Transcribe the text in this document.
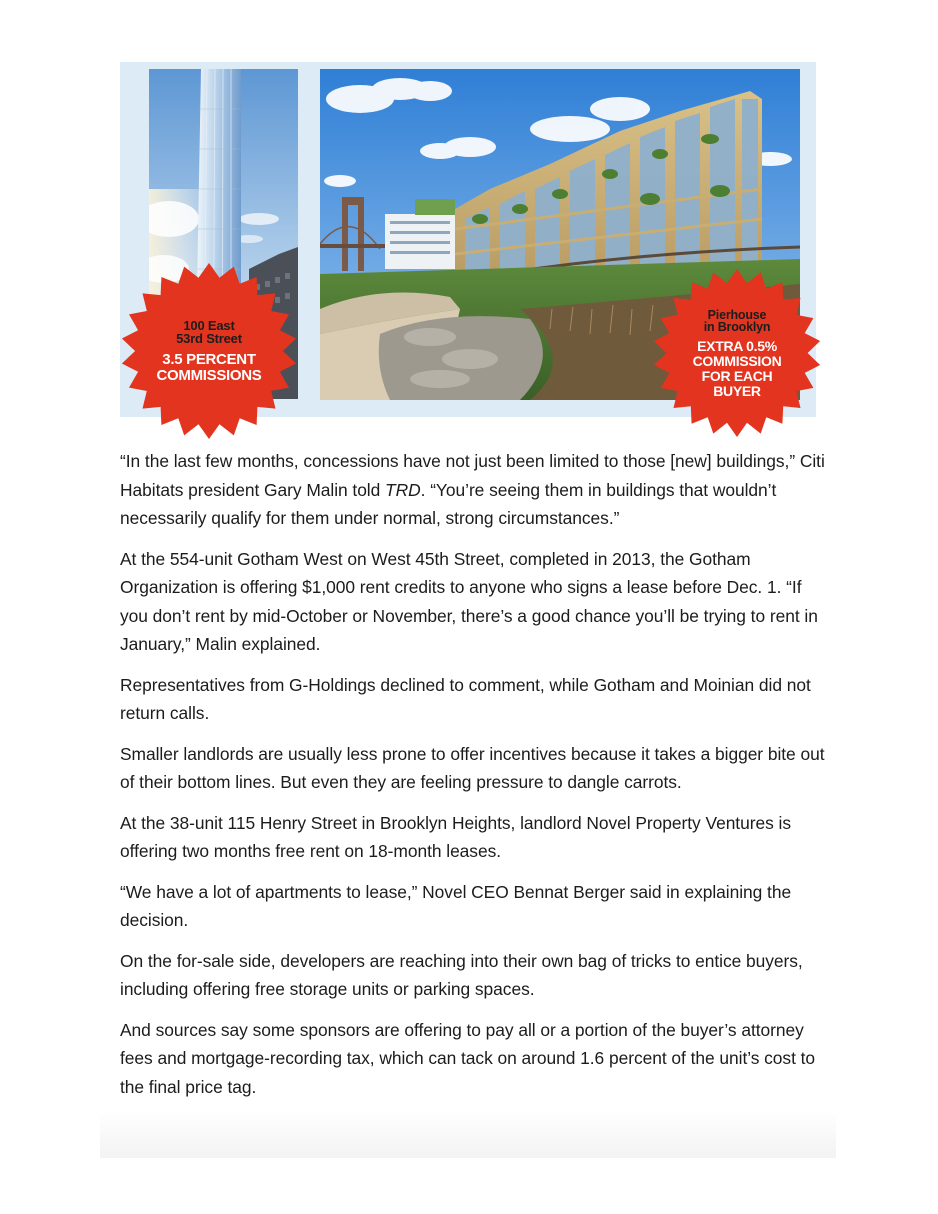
100 East
53rd Street
3.5 PERCENT
COMMISSIONS
Pierhouse
in Brooklyn
EXTRA 0.5%
COMMISSION
FOR EACH
BUYER

“In the last few months, concessions have not just been limited to those [new] buildings,” Citi Habitats president Gary Malin told TRD. “You’re seeing them in buildings that wouldn’t necessarily qualify for them under normal, strong circumstances.”

At the 554-unit Gotham West on West 45th Street, completed in 2013, the Gotham Organization is offering $1,000 rent credits to anyone who signs a lease before Dec. 1. “If you don’t rent by mid-October or November, there’s a good chance you’ll be trying to rent in January,” Malin explained.

Representatives from G-Holdings declined to comment, while Gotham and Moinian did not return calls.

Smaller landlords are usually less prone to offer incentives because it takes a bigger bite out of their bottom lines. But even they are feeling pressure to dangle carrots.

At the 38-unit 115 Henry Street in Brooklyn Heights, landlord Novel Property Ventures is offering two months free rent on 18-month leases.

“We have a lot of apartments to lease,” Novel CEO Bennat Berger said in explaining the decision.

On the for-sale side, developers are reaching into their own bag of tricks to entice buyers, including offering free storage units or parking spaces.

And sources say some sponsors are offering to pay all or a portion of the buyer’s attorney fees and mortgage-recording tax, which can tack on around 1.6 percent of the unit’s cost to the final price tag.
